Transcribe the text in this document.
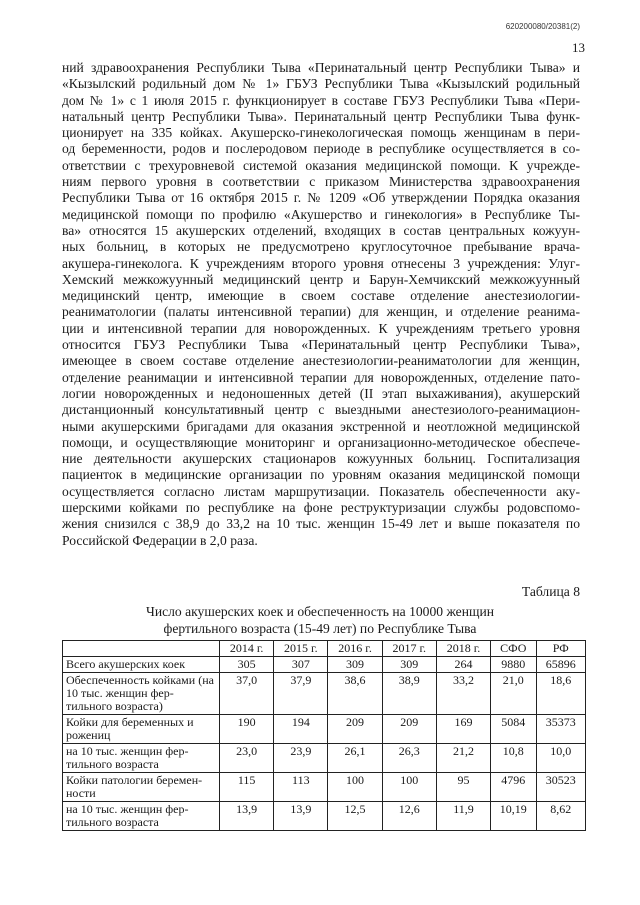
620200080/20381(2)
13
ний здравоохранения Республики Тыва «Перинатальный центр Республики Тыва» и
«Кызылский родильный дом № 1» ГБУЗ Республики Тыва «Кызылский родильный
дом № 1» с 1 июля 2015 г. функционирует в составе ГБУЗ Республики Тыва «Пери-
натальный центр Республики Тыва». Перинатальный центр Республики Тыва функ-
ционирует на 335 койках. Акушерско-гинекологическая помощь женщинам в пери-
од беременности, родов и послеродовом периоде в республике осуществляется в со-
ответствии с трехуровневой системой оказания медицинской помощи. К учрежде-
ниям первого уровня в соответствии с приказом Министерства здравоохранения
Республики Тыва от 16 октября 2015 г. № 1209 «Об утверждении Порядка оказания
медицинской помощи по профилю «Акушерство и гинекология» в Республике Ты-
ва» относятся 15 акушерских отделений, входящих в состав центральных кожуун-
ных больниц, в которых не предусмотрено круглосуточное пребывание врача-
акушера-гинеколога. К учреждениям второго уровня отнесены 3 учреждения: Улуг-
Хемский межкожуунный медицинский центр и Барун-Хемчикский межкожуунный
медицинский центр, имеющие в своем составе отделение анестезиологии-
реаниматологии (палаты интенсивной терапии) для женщин, и отделение реанима-
ции и интенсивной терапии для новорожденных. К учреждениям третьего уровня
относится ГБУЗ Республики Тыва «Перинатальный центр Республики Тыва»,
имеющее в своем составе отделение анестезиологии-реаниматологии для женщин,
отделение реанимации и интенсивной терапии для новорожденных, отделение пато-
логии новорожденных и недоношенных детей (II этап выхаживания), акушерский
дистанционный консультативный центр с выездными анестезиолого-реанимацион-
ными акушерскими бригадами для оказания экстренной и неотложной медицинской
помощи, и осуществляющие мониторинг и организационно-методическое обеспече-
ние деятельности акушерских стационаров кожуунных больниц. Госпитализация
пациенток в медицинские организации по уровням оказания медицинской помощи
осуществляется согласно листам маршрутизации. Показатель обеспеченности аку-
шерскими койками по республике на фоне реструктуризации службы родовспомо-
жения снизился с 38,9 до 33,2 на 10 тыс. женщин 15-49 лет и выше показателя по
Российской Федерации в 2,0 раза.
Таблица 8
Число акушерских коек и обеспеченность на 10000 женщин
фертильного возраста (15-49 лет) по Республике Тыва
	2014 г.	2015 г.	2016 г.	2017 г.	2018 г.	СФО	РФ
Всего акушерских коек	305	307	309	309	264	9880	65896
Обеспеченность койками (на 10 тыс. женщин фер-тильного возраста)	37,0	37,9	38,6	38,9	33,2	21,0	18,6
Койки для беременных и рожениц	190	194	209	209	169	5084	35373
на 10 тыс. женщин фер-тильного возраста	23,0	23,9	26,1	26,3	21,2	10,8	10,0
Койки патологии беремен-ности	115	113	100	100	95	4796	30523
на 10 тыс. женщин фер-тильного возраста	13,9	13,9	12,5	12,6	11,9	10,19	8,62
